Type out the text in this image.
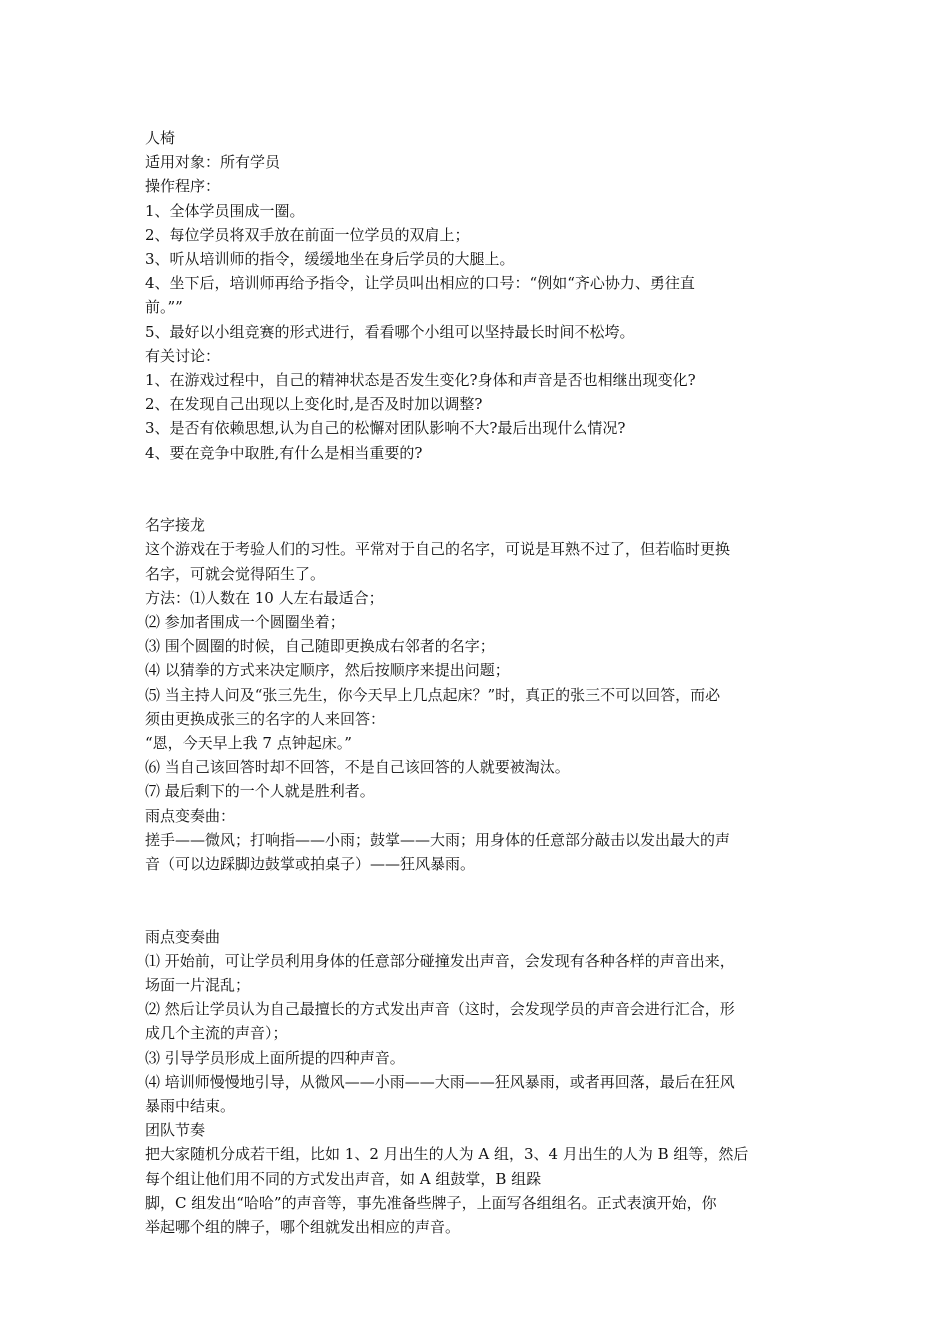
人椅

适用对象：所有学员

操作程序：

1、全体学员围成一圈。

2、每位学员将双手放在前面一位学员的双肩上；

3、听从培训师的指令，缓缓地坐在身后学员的大腿上。

4、坐下后，培训师再给予指令，让学员叫出相应的口号：“例如“齐心协力、勇往直

前。””

5、最好以小组竞赛的形式进行，看看哪个小组可以坚持最长时间不松垮。

有关讨论：

1、在游戏过程中，自己的精神状态是否发生变化?身体和声音是否也相继出现变化?

2、在发现自己出现以上变化时,是否及时加以调整?

3、是否有依赖思想,认为自己的松懈对团队影响不大?最后出现什么情况?

4、要在竞争中取胜,有什么是相当重要的?

名字接龙

这个游戏在于考验人们的习性。平常对于自己的名字，可说是耳熟不过了，但若临时更换

名字，可就会觉得陌生了。

方法：⑴人数在 10 人左右最适合；

⑵ 参加者围成一个圆圈坐着；

⑶ 围个圆圈的时候，自己随即更换成右邻者的名字；

⑷ 以猜拳的方式来决定顺序，然后按顺序来提出问题；

⑸ 当主持人问及“张三先生，你今天早上几点起床？”时，真正的张三不可以回答，而必

须由更换成张三的名字的人来回答：

“恩，今天早上我 7 点钟起床。”

⑹ 当自己该回答时却不回答，不是自己该回答的人就要被淘汰。

⑺ 最后剩下的一个人就是胜利者。

雨点变奏曲：

搓手——微风；打响指——小雨；鼓掌——大雨；用身体的任意部分敲击以发出最大的声

音（可以边踩脚边鼓掌或拍桌子）——狂风暴雨。

雨点变奏曲

⑴ 开始前，可让学员利用身体的任意部分碰撞发出声音，会发现有各种各样的声音出来，

场面一片混乱；

⑵ 然后让学员认为自己最擅长的方式发出声音（这时，会发现学员的声音会进行汇合，形

成几个主流的声音）；

⑶ 引导学员形成上面所提的四种声音。

⑷ 培训师慢慢地引导，从微风——小雨——大雨——狂风暴雨，或者再回落，最后在狂风

暴雨中结束。

团队节奏

把大家随机分成若干组，比如 1、2 月出生的人为 A 组，3、4 月出生的人为 B 组等，然后

每个组让他们用不同的方式发出声音，如 A 组鼓掌，B 组跺

脚，C 组发出“哈哈”的声音等，事先准备些牌子，上面写各组组名。正式表演开始，你

举起哪个组的牌子，哪个组就发出相应的声音。
